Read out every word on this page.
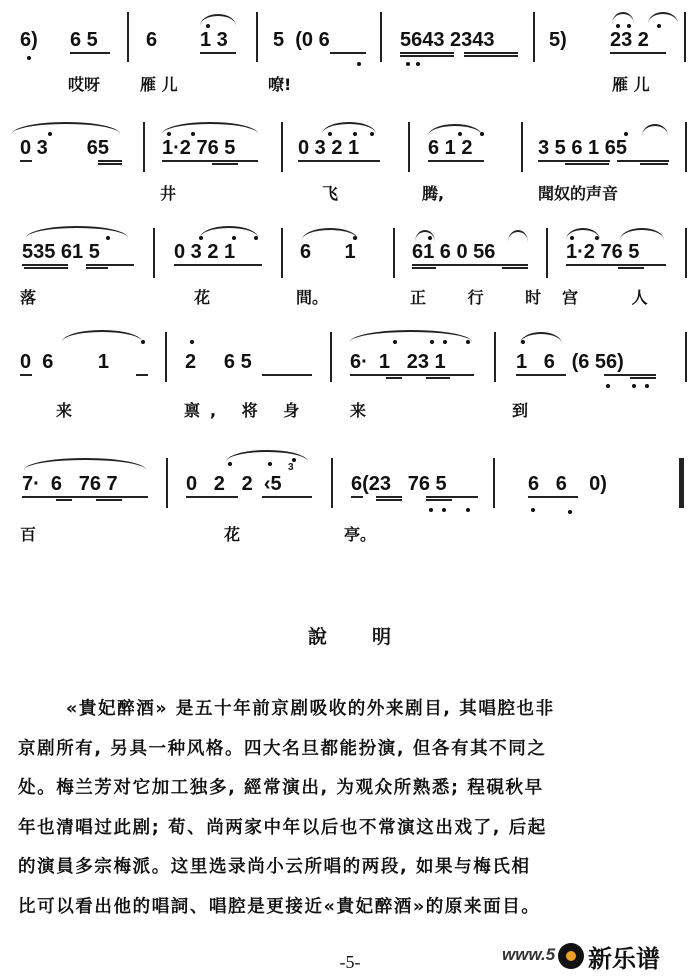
6) 6 5 6 1 3 5  (0 6	5643 2343	5) 23 2
哎呀 雁 儿	嘹!	雁 儿
0 3       65	1·2 76 5	0 3 2 1	6 1 2	3 5 6 1 65
井	飞	腾,	聞奴的声音
535 61 5	0 3 2 1	6      1	61 6 0 56	1·2 76 5
落	花	間。	正 行 时 宫 人
0  6        1	2     6 5	6·  1   23 1	1   6   (6 56)
来	禀, 将 身	来	到
7·  6   76 7
3
0   2   2  ‹5	6(23   76 5	6   6    0)
百	花	亭。
說 明
«貴妃醉酒» 是五十年前京剧吸收的外来剧目, 其唱腔也非
京剧所有, 另具一种风格。四大名旦都能扮演, 但各有其不同之
处。梅兰芳对它加工独多, 經常演出, 为观众所熟悉; 程硯秋早
年也清唱过此剧; 荀、尚两家中年以后也不常演这出戏了, 后起
的演員多宗梅派。这里选录尚小云所唱的两段, 如果与梅氏相
比可以看出他的唱詞、唱腔是更接近«貴妃醉酒»的原来面目。
-5-	www.5 新乐谱
